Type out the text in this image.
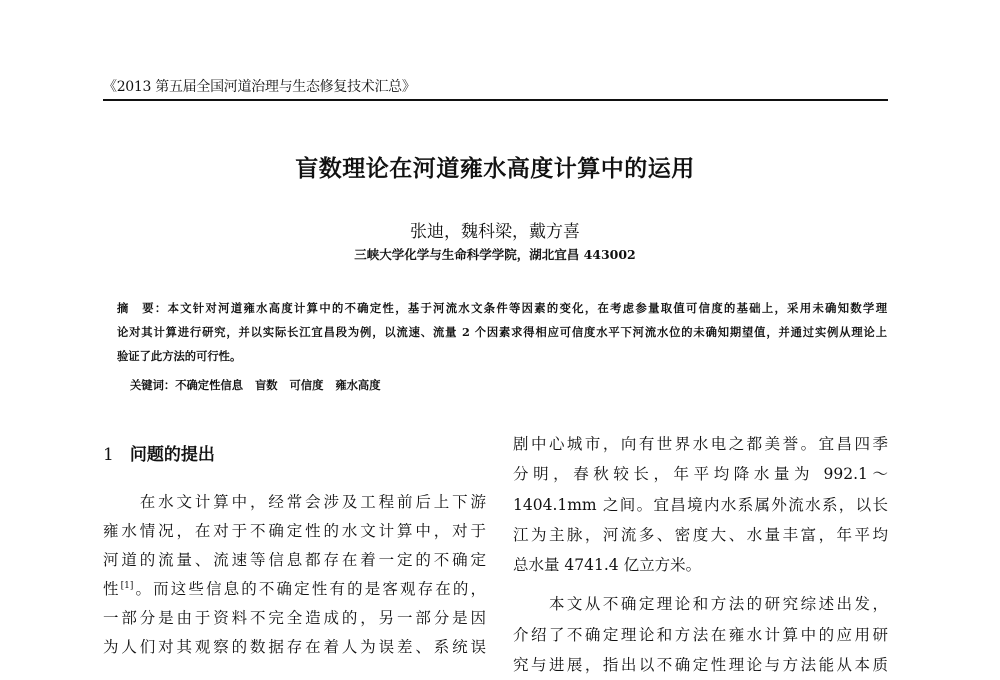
《2013 第五届全国河道治理与生态修复技术汇总》
盲数理论在河道雍水高度计算中的运用
张迪，魏科梁，戴方喜
三峡大学化学与生命科学学院，湖北宜昌 443002
摘　要：本文针对河道雍水高度计算中的不确定性，基于河流水文条件等因素的变化，在考虑参量取值可信度的基础上，采用未确知数学理
论对其计算进行研究，并以实际长江宜昌段为例，以流速、流量 2 个因素求得相应可信度水平下河流水位的未确知期望值，并通过实例从理论上
验证了此方法的可行性。
关键词：不确定性信息 盲数 可信度 雍水高度
1 问题的提出
　　在水文计算中，经常会涉及工程前后上下游
雍水情况，在对于不确定性的水文计算中，对于
河道的流量、流速等信息都存在着一定的不确定
性[1]。而这些信息的不确定性有的是客观存在的，
一部分是由于资料不完全造成的，另一部分是因
为人们对其观察的数据存在着人为误差、系统误
剧中心城市，向有世界水电之都美誉。宜昌四季
分明，春秋较长，年平均降水量为 992.1～
1404.1mm 之间。宜昌境内水系属外流水系，以长
江为主脉，河流多、密度大、水量丰富，年平均
总水量 4741.4 亿立方米。
　　本文从不确定理论和方法的研究综述出发，
介绍了不确定理论和方法在雍水计算中的应用研
究与进展，指出以不确定性理论与方法能从本质
